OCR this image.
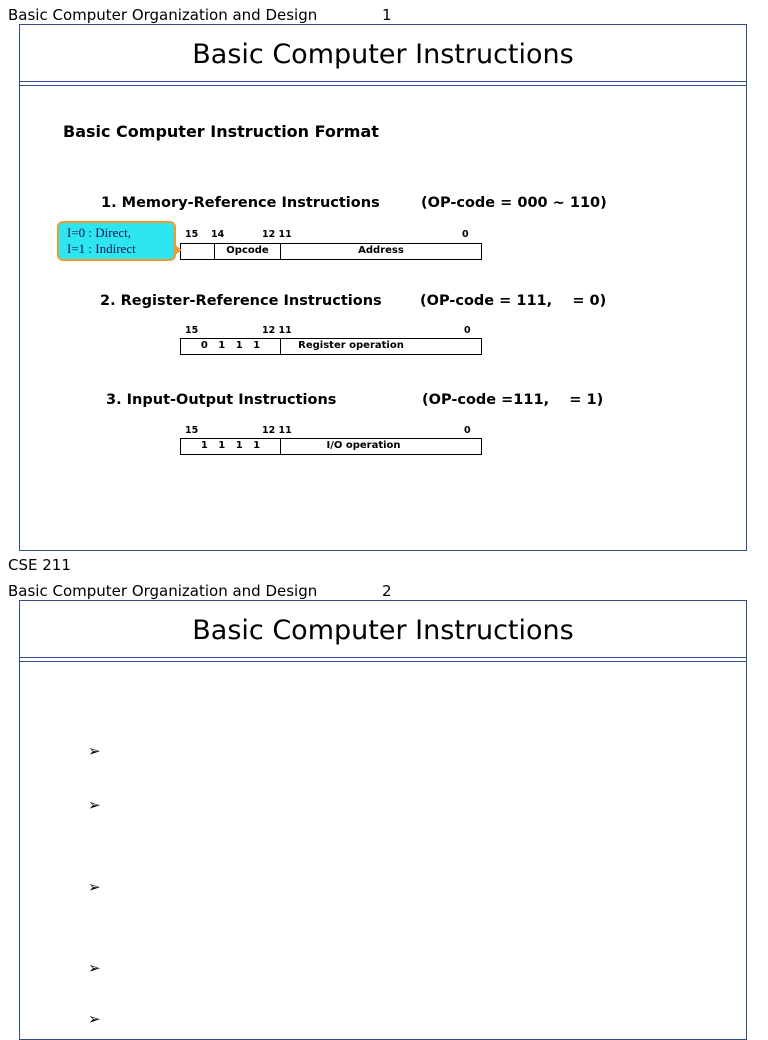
Basic Computer Organization and Design	1
Basic Computer Instructions
Basic Computer Instruction Format
1. Memory-Reference Instructions	(OP-code = 000 ~ 110)
15 14	12 11	0
Opcode	Address
I=0 : Direct,
I=1 : Indirect
2. Register-Reference Instructions	(OP-code = 111,    = 0)
15	12 11	0
0   1   1   1	Register operation
3. Input-Output Instructions	(OP-code =111,    = 1)
15	12 11	0
1   1   1   1	I/O operation
CSE 211
Basic Computer Organization and Design	2
Basic Computer Instructions
➢
➢
➢
➢
➢
